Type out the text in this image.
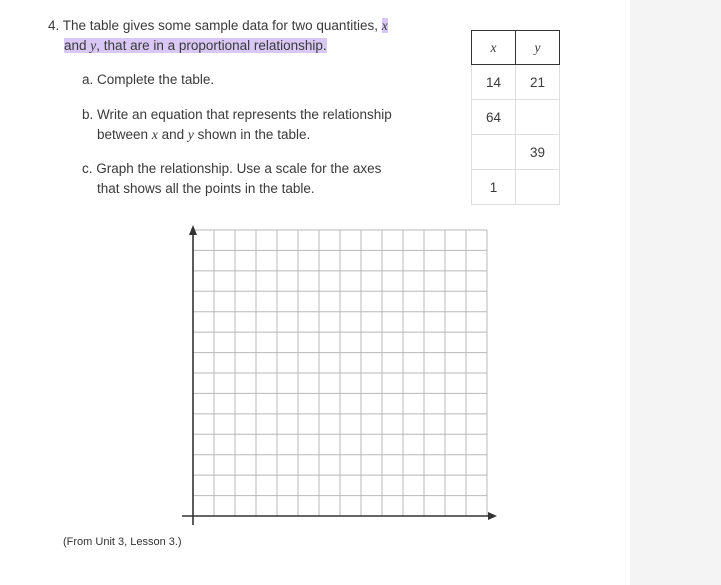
4. The table gives some sample data for two quantities, x
and y, that are in a proportional relationship.
a. Complete the table.
b. Write an equation that represents the relationship
between x and y shown in the table.
c. Graph the relationship. Use a scale for the axes
that shows all the points in the table.
x	y
14	21
64	
	39
1	
(From Unit 3, Lesson 3.)
